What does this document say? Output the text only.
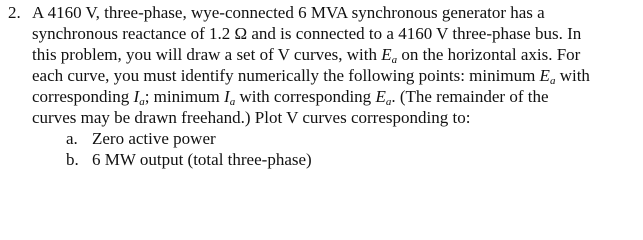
2. A 4160 V, three-phase, wye-connected 6 MVA synchronous generator has a
synchronous reactance of 1.2 Ω and is connected to a 4160 V three-phase bus. In
this problem, you will draw a set of V curves, with $E_a$ on the horizontal axis. For
each curve, you must identify numerically the following points: minimum $E_a$ with
corresponding $I_a$; minimum $I_a$ with corresponding $E_a$. (The remainder of the
curves may be drawn freehand.) Plot V curves corresponding to:
a. Zero active power
b. 6 MW output (total three-phase)
